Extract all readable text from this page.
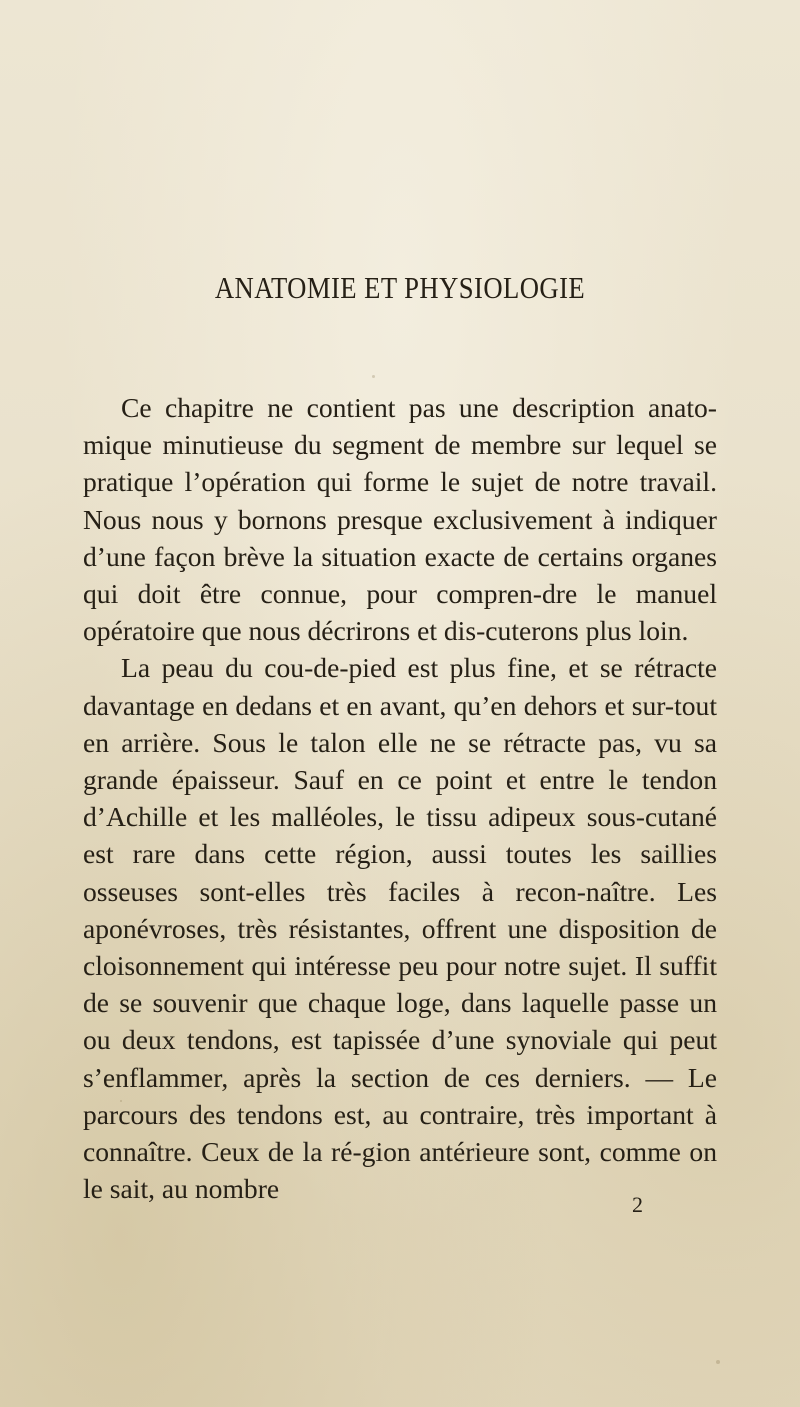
ANATOMIE ET PHYSIOLOGIE

Ce chapitre ne contient pas une description anato-mique minutieuse du segment de membre sur lequel se pratique l’opération qui forme le sujet de notre travail. Nous nous y bornons presque exclusivement à indiquer d’une façon brève la situation exacte de certains organes qui doit être connue, pour compren-dre le manuel opératoire que nous décrirons et dis-cuterons plus loin.

La peau du cou-de-pied est plus fine, et se rétracte davantage en dedans et en avant, qu’en dehors et sur-tout en arrière. Sous le talon elle ne se rétracte pas, vu sa grande épaisseur. Sauf en ce point et entre le tendon d’Achille et les malléoles, le tissu adipeux sous-cutané est rare dans cette région, aussi toutes les saillies osseuses sont-elles très faciles à recon-naître. Les aponévroses, très résistantes, offrent une disposition de cloisonnement qui intéresse peu pour notre sujet. Il suffit de se souvenir que chaque loge, dans laquelle passe un ou deux tendons, est tapissée d’une synoviale qui peut s’enflammer, après la section de ces derniers. — Le parcours des tendons est, au contraire, très important à connaître. Ceux de la ré-gion antérieure sont, comme on le sait, au nombre

2
